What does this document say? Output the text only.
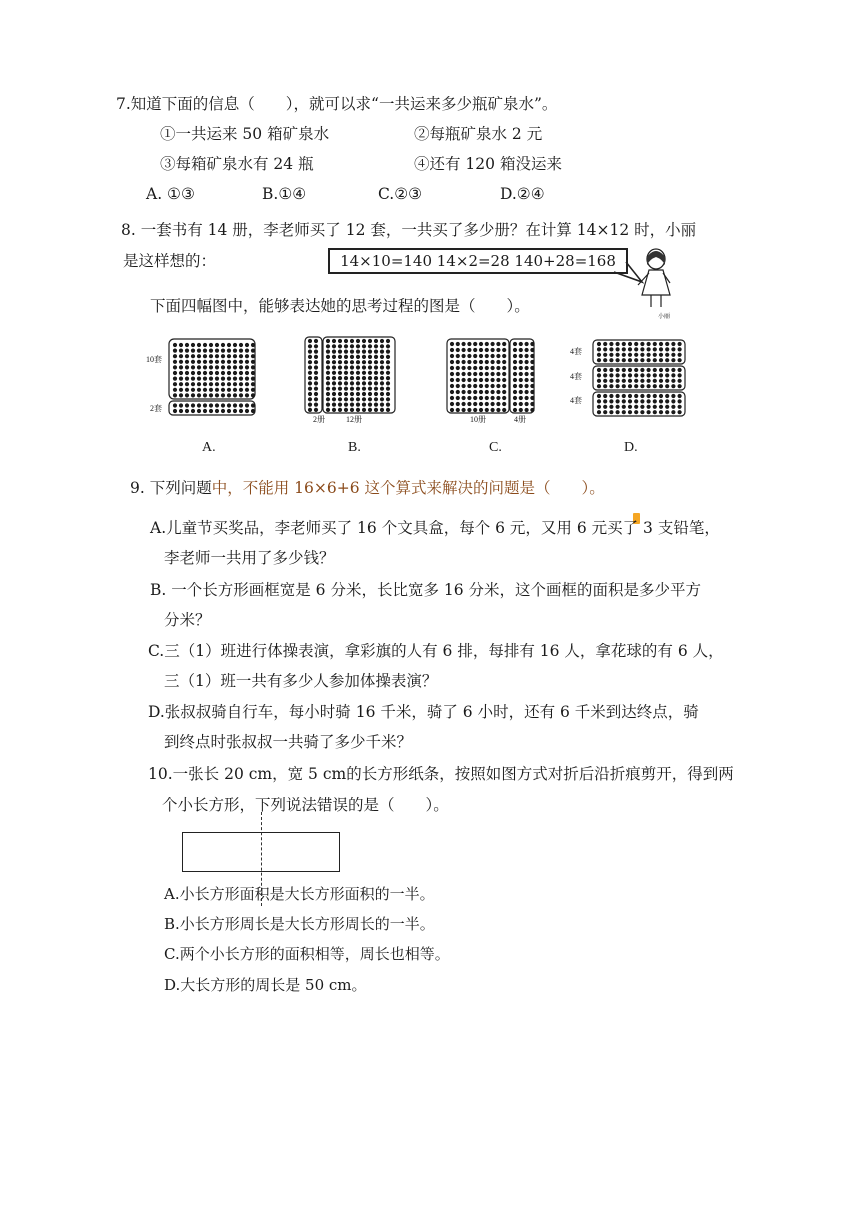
7.知道下面的信息（　　），就可以求“一共运来多少瓶矿泉水”。
①一共运来 50 箱矿泉水	②每瓶矿泉水 2 元
③每箱矿泉水有 24 瓶	④还有 120 箱没运来
A. ①③	B.①④	C.②③	D.②④
8. 一套书有 14 册，李老师买了 12 套，一共买了多少册？在计算 14×12 时，小丽
是这样想的：	14×10=140 14×2=28 140+28=168
小丽
下面四幅图中，能够表达她的思考过程的图是（　　）。
10套
2套
2册	12册	10册	4册
4套
4套
4套
A.	B.	C.	D.
9. 下列问题中，不能用 16×6+6 这个算式来解决的问题是（　　）。
A.儿童节买奖品，李老师买了 16 个文具盒，每个 6 元，又用 6 元买了 3 支铅笔，
李老师一共用了多少钱？
B. 一个长方形画框宽是 6 分米，长比宽多 16 分米，这个画框的面积是多少平方
分米？
C.三（1）班进行体操表演，拿彩旗的人有 6 排，每排有 16 人，拿花球的有 6 人，
三（1）班一共有多少人参加体操表演？
D.张叔叔骑自行车，每小时骑 16 千米，骑了 6 小时，还有 6 千米到达终点，骑
到终点时张叔叔一共骑了多少千米？
10.一张长 20 cm，宽 5 cm的长方形纸条，按照如图方式对折后沿折痕剪开，得到两
个小长方形，下列说法错误的是（　　）。
A.小长方形面积是大长方形面积的一半。
B.小长方形周长是大长方形周长的一半。
C.两个小长方形的面积相等，周长也相等。
D.大长方形的周长是 50 cm。
